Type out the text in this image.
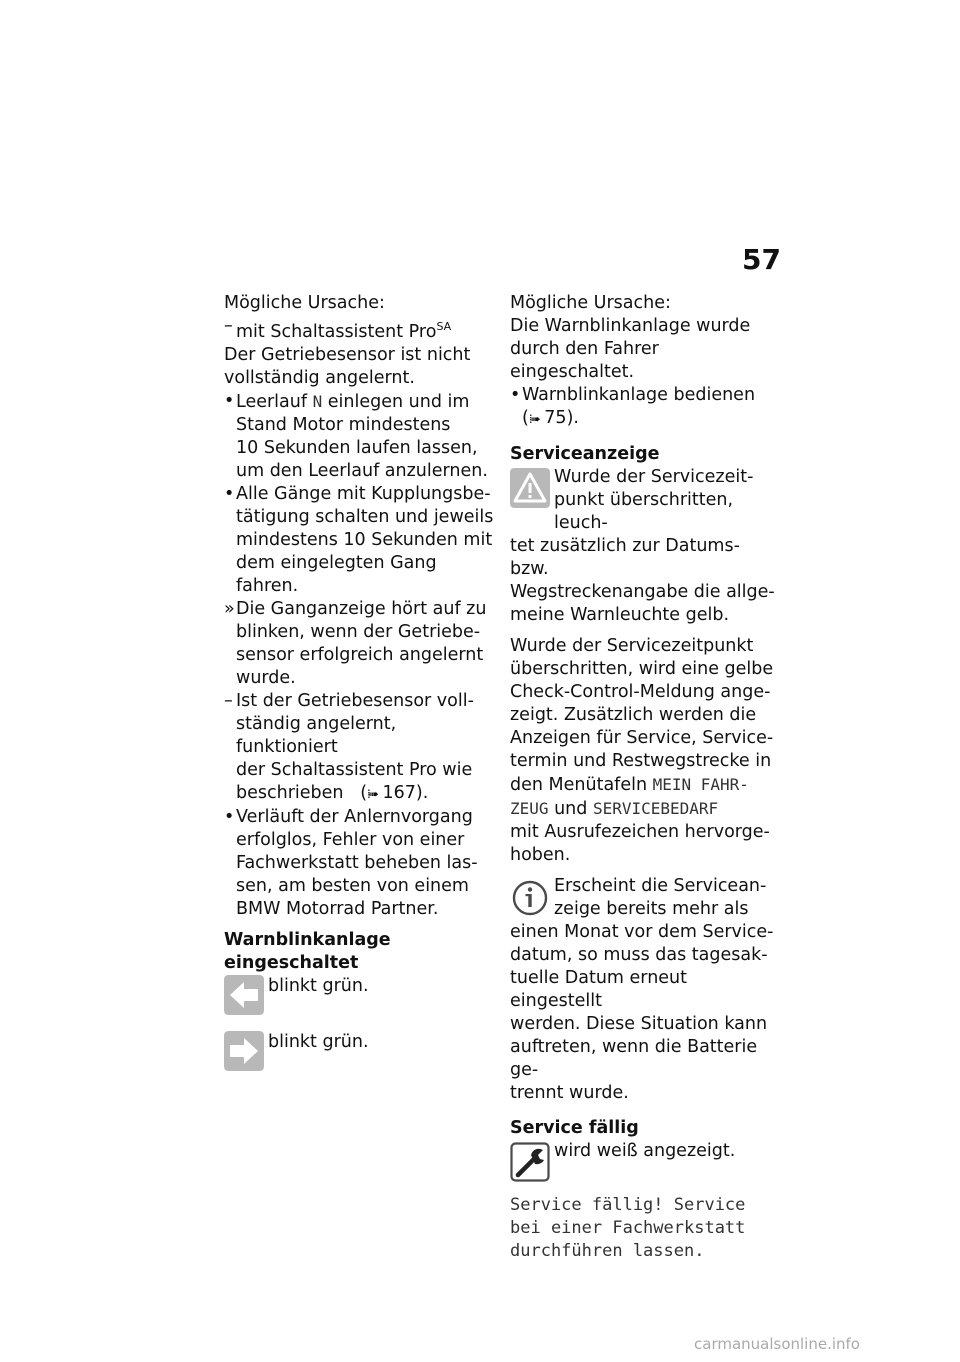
57

Mögliche Ursache:

– mit Schaltassistent Pro$^{SA}$

Der Getriebesensor ist nicht

vollständig angelernt.

• Leerlauf N einlegen und im

Stand Motor mindestens

10 Sekunden laufen lassen,

um den Leerlauf anzulernen.

• Alle Gänge mit Kupplungsbe-

tätigung schalten und jeweils

mindestens 10 Sekunden mit

dem eingelegten Gang fahren.

» Die Ganganzeige hört auf zu

blinken, wenn der Getriebe-

sensor erfolgreich angelernt

wurde.

– Ist der Getriebesensor voll-

ständig angelernt, funktioniert

der Schaltassistent Pro wie

beschrieben   (⁞➠ 167).

• Verläuft der Anlernvorgang

erfolglos, Fehler von einer

Fachwerkstatt beheben las-

sen, am besten von einem

BMW Motorrad Partner.

Warnblinkanlage

eingeschaltet

blinkt grün.

blinkt grün.

Mögliche Ursache:

Die Warnblinkanlage wurde

durch den Fahrer eingeschaltet.

• Warnblinkanlage bedienen

(⁞➠ 75).

Serviceanzeige

Wurde der Servicezeit-

punkt überschritten, leuch-

tet zusätzlich zur Datums- bzw.

Wegstreckenangabe die allge-

meine Warnleuchte gelb.

Wurde der Servicezeitpunkt

überschritten, wird eine gelbe

Check-Control-Meldung ange-

zeigt. Zusätzlich werden die

Anzeigen für Service, Service-

termin und Restwegstrecke in

den Menütafeln MEIN FAHR-

ZEUG und SERVICEBEDARF

mit Ausrufezeichen hervorge-

hoben.

Erscheint die Servicean-

zeige bereits mehr als

einen Monat vor dem Service-

datum, so muss das tagesak-

tuelle Datum erneut eingestellt

werden. Diese Situation kann

auftreten, wenn die Batterie ge-

trennt wurde.

Service fällig

wird weiß angezeigt.

Service fällig! Service

bei einer Fachwerkstatt

durchführen lassen.

carmanualsonline.info
